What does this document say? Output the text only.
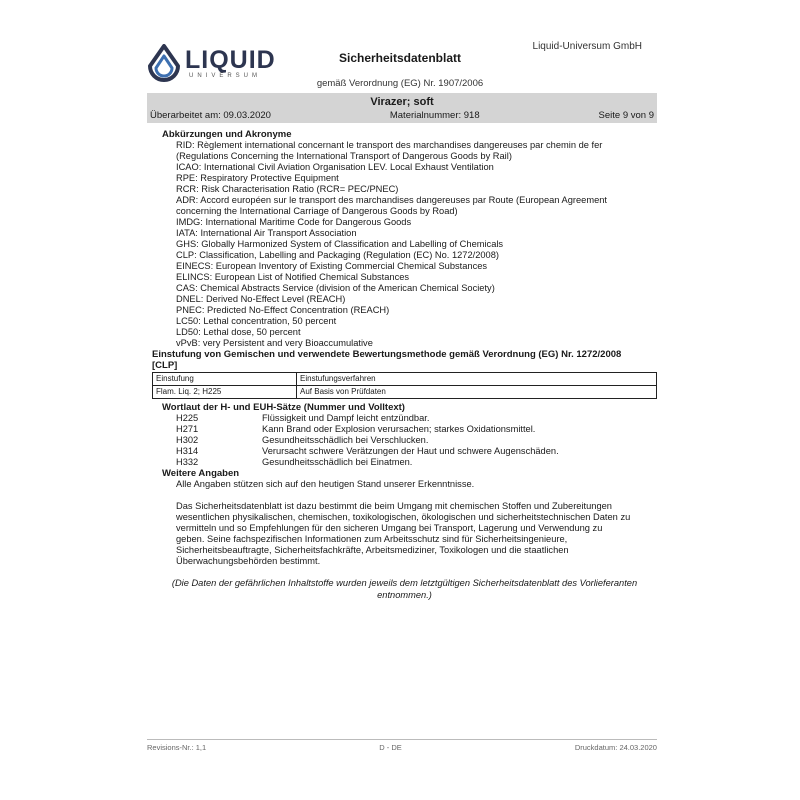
LIQUID
UNIVERSUM
Liquid-Universum GmbH
Sicherheitsdatenblatt
gemäß Verordnung (EG) Nr. 1907/2006
Virazer; soft
Überarbeitet am: 09.03.2020	Materialnummer: 918	Seite 9 von 9
Abkürzungen und Akronyme
RID: Règlement international concernant le transport des marchandises dangereuses par chemin de fer
(Regulations Concerning the International Transport of Dangerous Goods by Rail)
ICAO: International Civil Aviation Organisation LEV. Local Exhaust Ventilation
RPE: Respiratory Protective Equipment
RCR: Risk Characterisation Ratio (RCR= PEC/PNEC)
ADR: Accord européen sur le transport des marchandises dangereuses par Route (European Agreement
concerning the International Carriage of Dangerous Goods by Road)
IMDG: International Maritime Code for Dangerous Goods
IATA: International Air Transport Association
GHS: Globally Harmonized System of Classification and Labelling of Chemicals
CLP: Classification, Labelling and Packaging (Regulation (EC) No. 1272/2008)
EINECS: European Inventory of Existing Commercial Chemical Substances
ELINCS: European List of Notified Chemical Substances
CAS: Chemical Abstracts Service (division of the American Chemical Society)
DNEL: Derived No-Effect Level (REACH)
PNEC: Predicted No-Effect Concentration (REACH)
LC50: Lethal concentration, 50 percent
LD50: Lethal dose, 50 percent
vPvB: very Persistent and very Bioaccumulative
Einstufung von Gemischen und verwendete Bewertungsmethode gemäß Verordnung (EG) Nr. 1272/2008
[CLP]
Einstufung	Einstufungsverfahren
Flam. Liq. 2; H225	Auf Basis von Prüfdaten
Wortlaut der H- und EUH-Sätze (Nummer und Volltext)
H225	Flüssigkeit und Dampf leicht entzündbar.
H271	Kann Brand oder Explosion verursachen; starkes Oxidationsmittel.
H302	Gesundheitsschädlich bei Verschlucken.
H314	Verursacht schwere Verätzungen der Haut und schwere Augenschäden.
H332	Gesundheitsschädlich bei Einatmen.
Weitere Angaben
Alle Angaben stützen sich auf den heutigen Stand unserer Erkenntnisse.
Das Sicherheitsdatenblatt ist dazu bestimmt die beim Umgang mit chemischen Stoffen und Zubereitungen
wesentlichen physikalischen, chemischen, toxikologischen, ökologischen und sicherheitstechnischen Daten zu
vermitteln und so Empfehlungen für den sicheren Umgang bei Transport, Lagerung und Verwendung zu
geben. Seine fachspezifischen Informationen zum Arbeitsschutz sind für Sicherheitsingenieure,
Sicherheitsbeauftragte, Sicherheitsfachkräfte, Arbeitsmediziner, Toxikologen und die staatlichen
Überwachungsbehörden bestimmt.
(Die Daten der gefährlichen Inhaltstoffe wurden jeweils dem letztgültigen Sicherheitsdatenblatt des Vorlieferanten
entnommen.)
Revisions-Nr.: 1,1	D - DE	Druckdatum: 24.03.2020
